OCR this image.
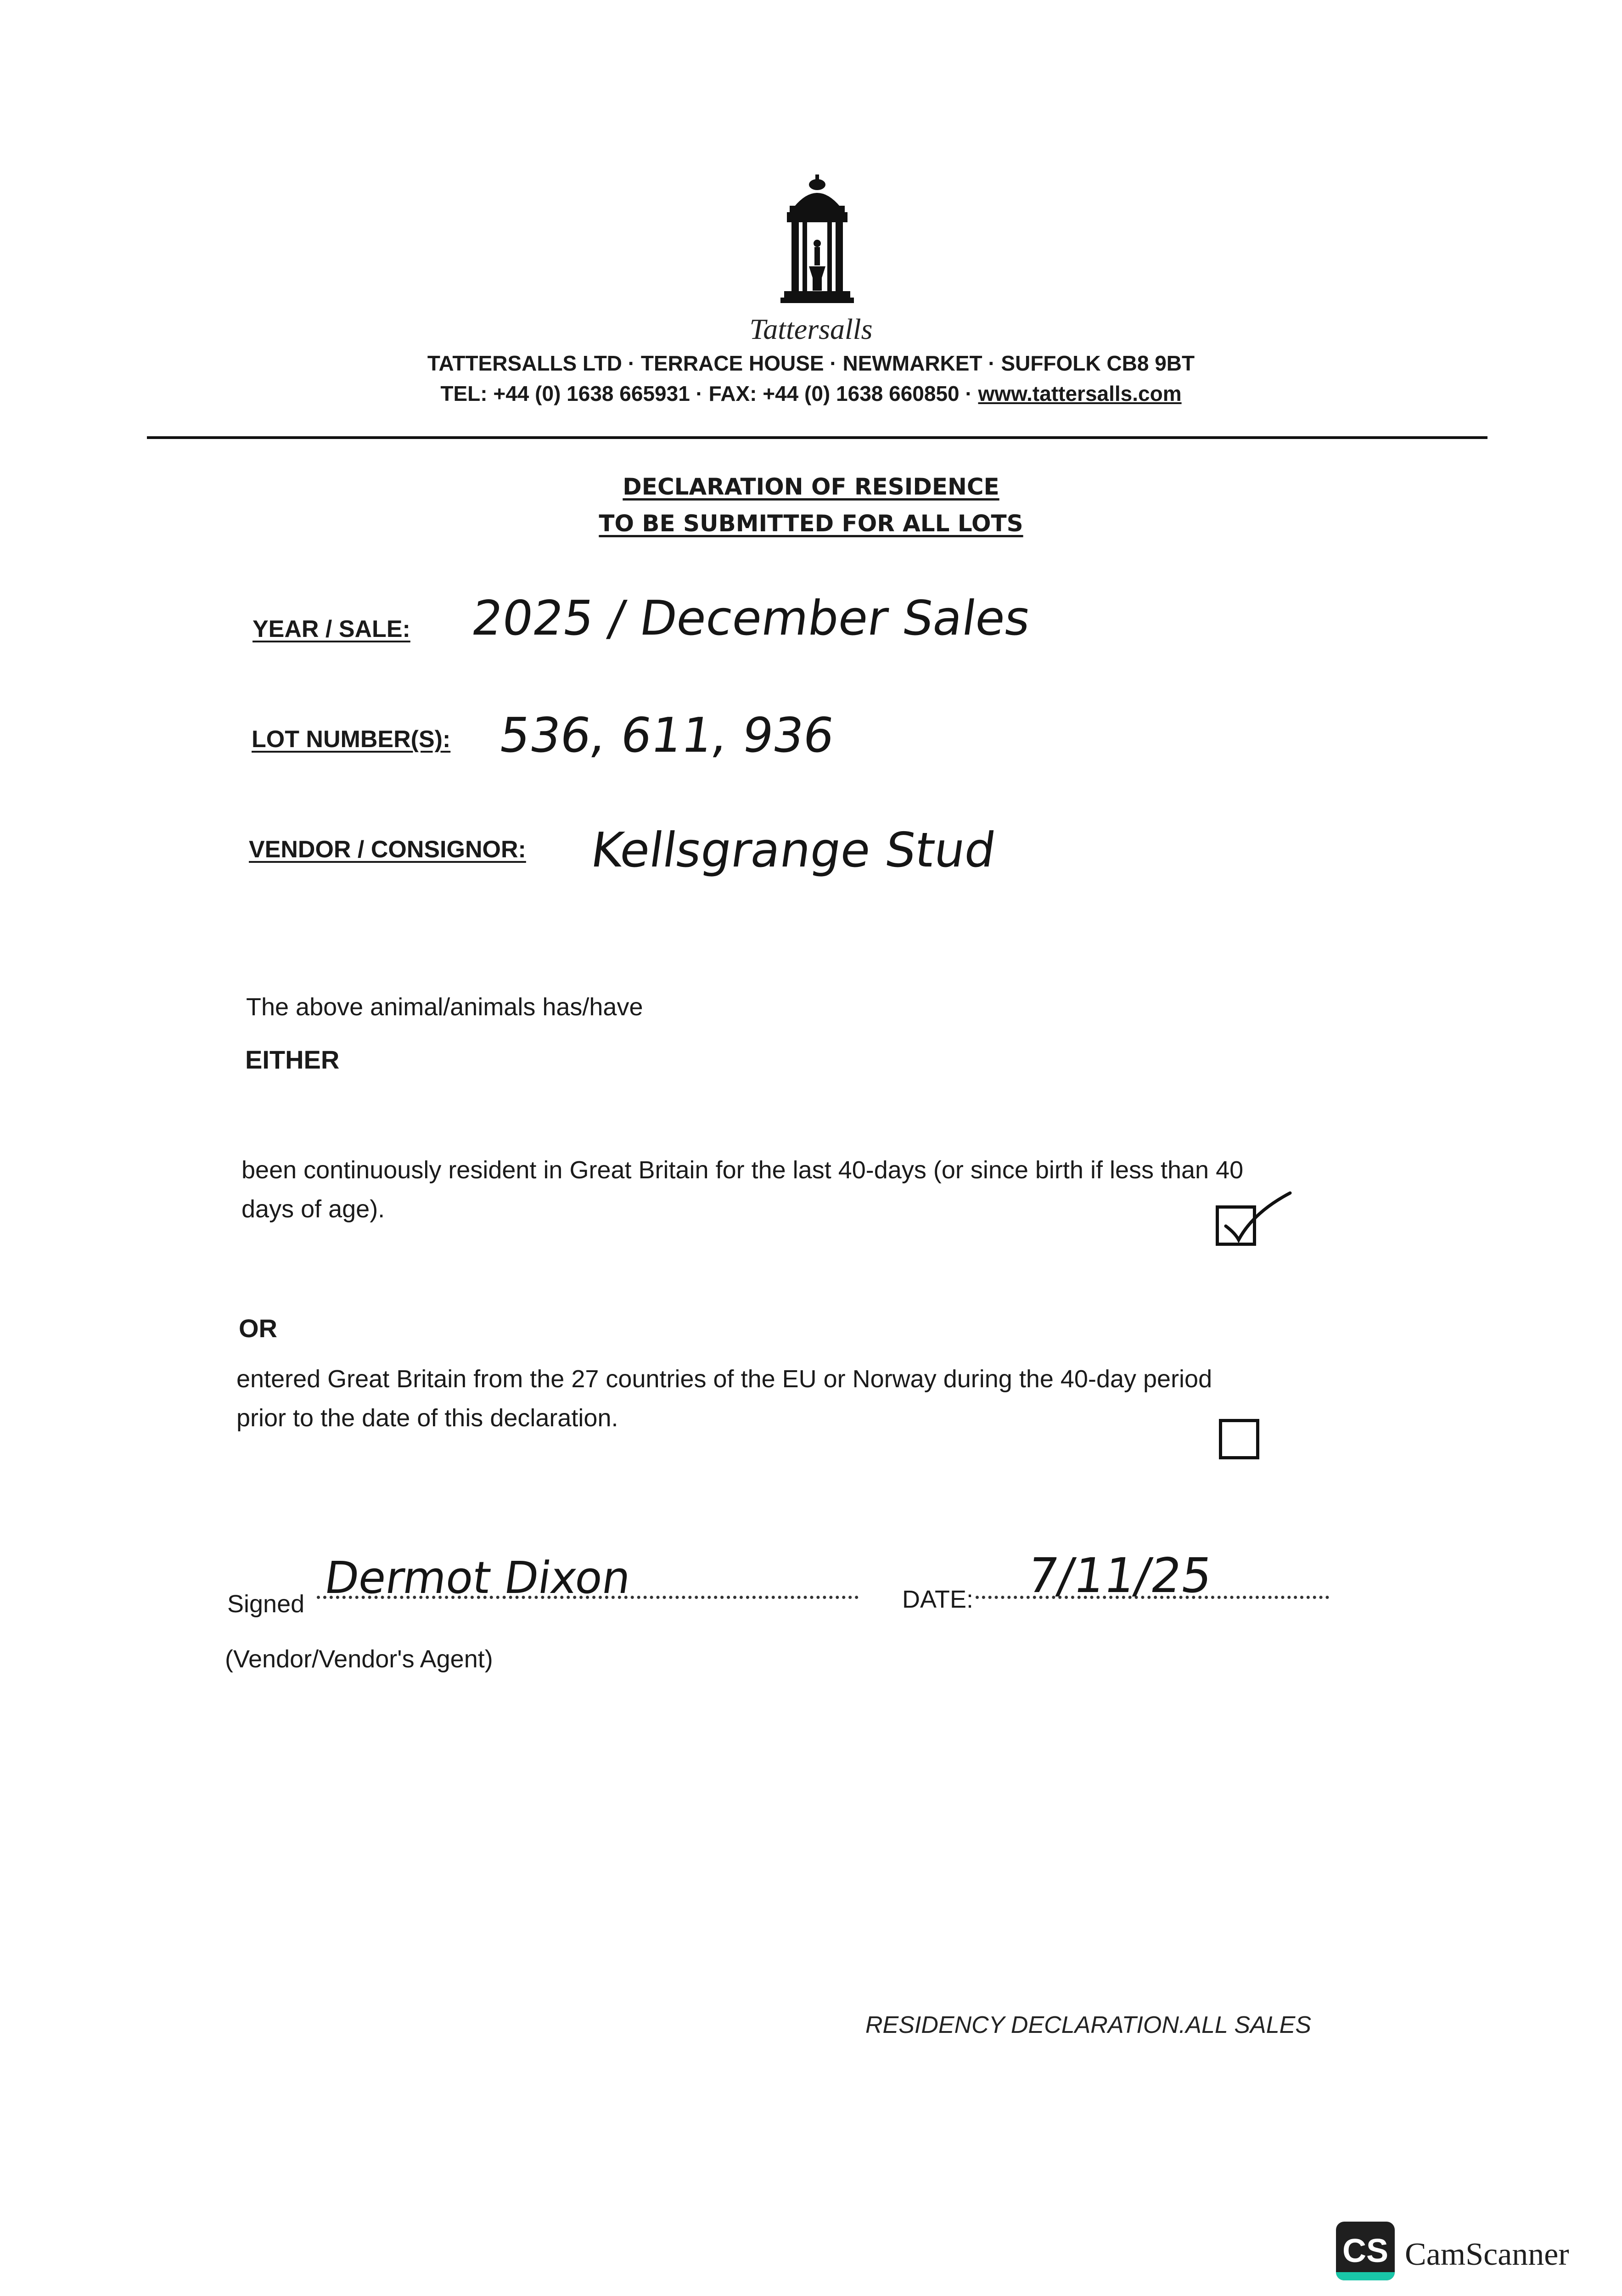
Tattersalls
TATTERSALLS LTD · TERRACE HOUSE · NEWMARKET · SUFFOLK CB8 9BT
TEL: +44 (0) 1638 665931 · FAX: +44 (0) 1638 660850 · www.tattersalls.com
DECLARATION OF RESIDENCE
TO BE SUBMITTED FOR ALL LOTS
YEAR / SALE: 2025 / December Sales
LOT NUMBER(S): 536, 611, 936
VENDOR / CONSIGNOR: Kellsgrange Stud
The above animal/animals has/have
EITHER
been continuously resident in Great Britain for the last 40-days (or since birth if less than 40
days of age).
OR
entered Great Britain from the 27 countries of the EU or Norway during the 40-day period
prior to the date of this declaration.
Signed
Dermot Dixon	DATE: 7/11/25
(Vendor/Vendor's Agent)
RESIDENCY DECLARATION.ALL SALES
CS CamScanner
